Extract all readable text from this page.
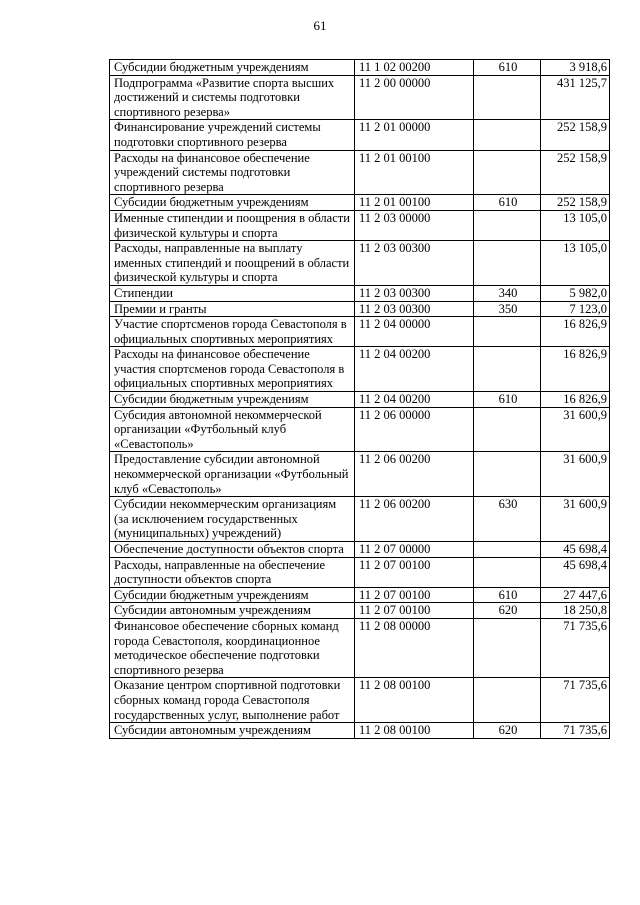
61
Субсидии бюджетным учреждениям	11 1 02 00200	610	3 918,6
Подпрограмма «Развитие спорта высших достижений и системы подготовки спортивного резерва»	11 2 00 00000		431 125,7
Финансирование учреждений системы подготовки спортивного резерва	11 2 01 00000		252 158,9
Расходы на финансовое обеспечение учреждений системы подготовки спортивного резерва	11 2 01 00100		252 158,9
Субсидии бюджетным учреждениям	11 2 01 00100	610	252 158,9
Именные стипендии и поощрения в области физической культуры и спорта	11 2 03 00000		13 105,0
Расходы, направленные на выплату именных стипендий и поощрений в области физической культуры и спорта	11 2 03 00300		13 105,0
Стипендии	11 2 03 00300	340	5 982,0
Премии и гранты	11 2 03 00300	350	7 123,0
Участие спортсменов города Севастополя в официальных спортивных мероприятиях	11 2 04 00000		16 826,9
Расходы на финансовое обеспечение участия спортсменов города Севастополя в официальных спортивных мероприятиях	11 2 04 00200		16 826,9
Субсидии бюджетным учреждениям	11 2 04 00200	610	16 826,9
Субсидия автономной некоммерческой организации «Футбольный клуб «Севастополь»	11 2 06 00000		31 600,9
Предоставление субсидии автономной некоммерческой организации «Футбольный клуб «Севастополь»	11 2 06 00200		31 600,9
Субсидии некоммерческим организациям (за исключением государственных (муниципальных) учреждений)	11 2 06 00200	630	31 600,9
Обеспечение доступности объектов спорта	11 2 07 00000		45 698,4
Расходы, направленные на обеспечение доступности объектов спорта	11 2 07 00100		45 698,4
Субсидии бюджетным учреждениям	11 2 07 00100	610	27 447,6
Субсидии автономным учреждениям	11 2 07 00100	620	18 250,8
Финансовое обеспечение сборных команд города Севастополя, координационное методическое обеспечение подготовки спортивного резерва	11 2 08 00000		71 735,6
Оказание центром спортивной подготовки сборных команд города Севастополя государственных услуг, выполнение работ	11 2 08 00100		71 735,6
Субсидии автономным учреждениям	11 2 08 00100	620	71 735,6
